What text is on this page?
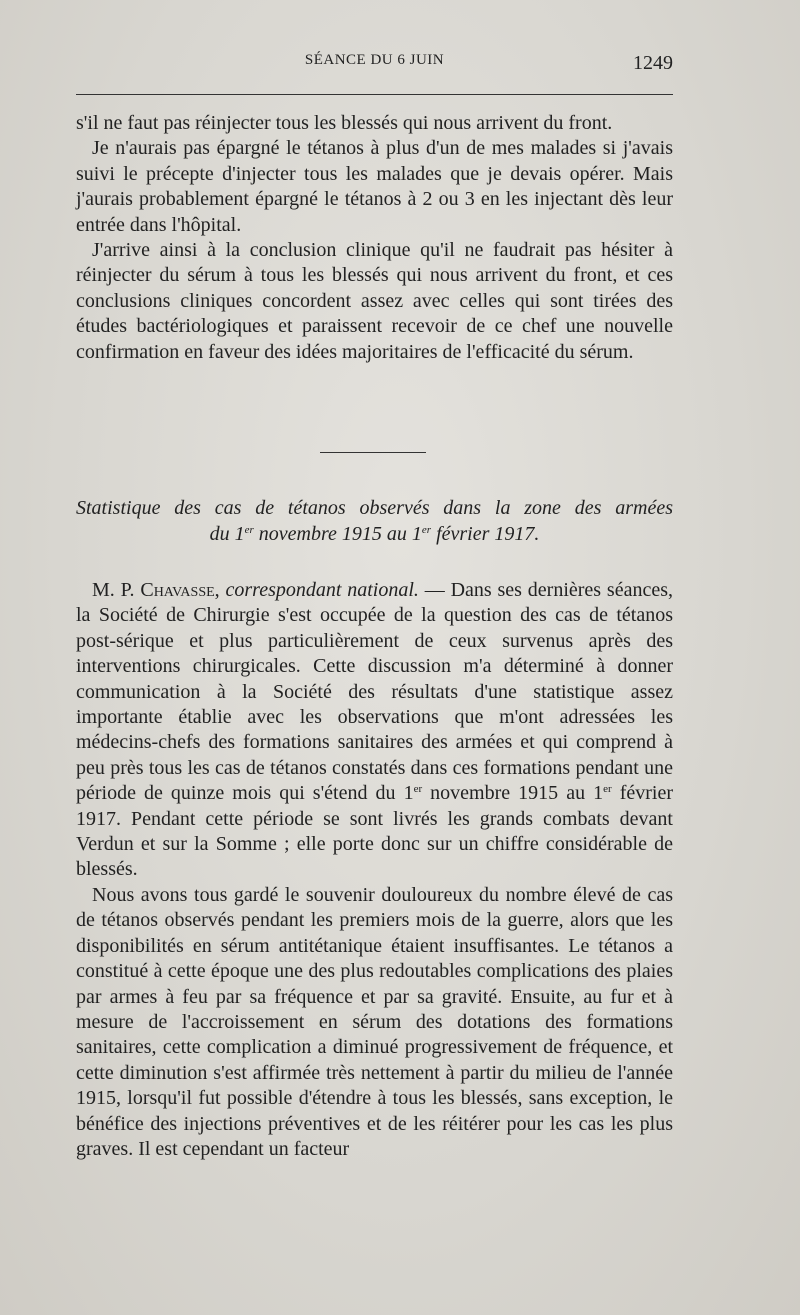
SÉANCE DU 6 JUIN	1249

s'il ne faut pas réinjecter tous les blessés qui nous arrivent du front.

Je n'aurais pas épargné le tétanos à plus d'un de mes malades si j'avais suivi le précepte d'injecter tous les malades que je devais opérer. Mais j'aurais probablement épargné le tétanos à 2 ou 3 en les injectant dès leur entrée dans l'hôpital.

J'arrive ainsi à la conclusion clinique qu'il ne faudrait pas hésiter à réinjecter du sérum à tous les blessés qui nous arrivent du front, et ces conclusions cliniques concordent assez avec celles qui sont tirées des études bactériologiques et paraissent recevoir de ce chef une nouvelle confirmation en faveur des idées majoritaires de l'efficacité du sérum.

Statistique des cas de tétanos observés dans la zone des armées
du 1er novembre 1915 au 1er février 1917.

M. P. Chavasse, correspondant national. — Dans ses dernières séances, la Société de Chirurgie s'est occupée de la question des cas de tétanos post-sérique et plus particulièrement de ceux survenus après des interventions chirurgicales. Cette discussion m'a déterminé à donner communication à la Société des résultats d'une statistique assez importante établie avec les observations que m'ont adressées les médecins-chefs des formations sanitaires des armées et qui comprend à peu près tous les cas de tétanos constatés dans ces formations pendant une période de quinze mois qui s'étend du 1er novembre 1915 au 1er février 1917. Pendant cette période se sont livrés les grands combats devant Verdun et sur la Somme ; elle porte donc sur un chiffre considérable de blessés.

Nous avons tous gardé le souvenir douloureux du nombre élevé de cas de tétanos observés pendant les premiers mois de la guerre, alors que les disponibilités en sérum antitétanique étaient insuffisantes. Le tétanos a constitué à cette époque une des plus redoutables complications des plaies par armes à feu par sa fréquence et par sa gravité. Ensuite, au fur et à mesure de l'accroissement en sérum des dotations des formations sanitaires, cette complication a diminué progressivement de fréquence, et cette diminution s'est affirmée très nettement à partir du milieu de l'année 1915, lorsqu'il fut possible d'étendre à tous les blessés, sans exception, le bénéfice des injections préventives et de les réitérer pour les cas les plus graves. Il est cependant un facteur
